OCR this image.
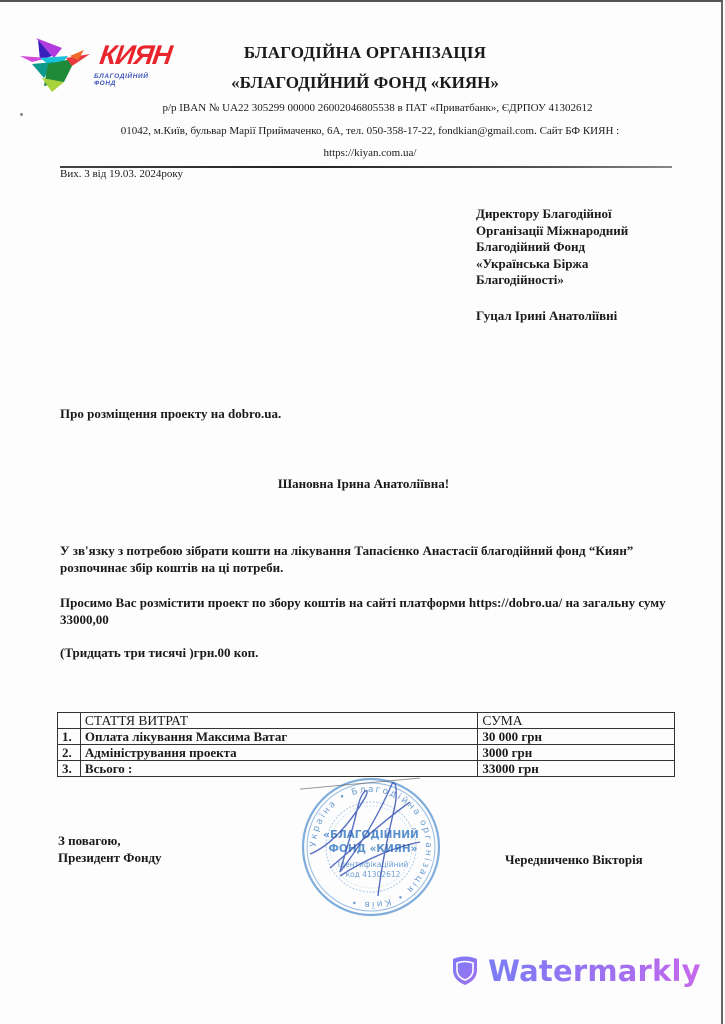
КИЯН
БЛАГОДІЙНИЙ ФОНД
БЛАГОДІЙНА ОРГАНІЗАЦІЯ
«БЛАГОДІЙНИЙ ФОНД «КИЯН»
р/р IBAN № UA22 305299 00000 26002046805538 в ПАТ «Приватбанк», ЄДРПОУ 41302612
01042, м.Київ, бульвар Марії Приймаченко, 6А, тел. 050-358-17-22, fondkian@gmail.com. Сайт БФ КИЯН :
https://kiyan.com.ua/
Вих. 3 від 19.03. 2024року
Директору Благодійної
Організації Міжнародний
Благодійний Фонд
«Українська Біржа
Благодійності»
Гуцал Ірині Анатоліївні
Про розміщення проекту на dobro.ua.
Шановна Ірина Анатоліївна!
У зв'язку з потребою зібрати кошти на лікування Тапасієнко Анастасії благодійний фонд “Киян” розпочинає збір коштів на ці потреби.
Просимо Вас розмістити проект по збору коштів на сайті платформи https://dobro.ua/ на загальну суму 33000,00
(Тридцать три тисячі )грн.00 коп.
	СТАТТЯ ВИТРАТ	СУМА
1.	Оплата лікування Максима Ватаг	30 000 грн
2.	Адміністрування проекта	3000 грн
3.	Всього :	33000 грн
З повагою,
Президент Фонду	Чередниченко Вікторія
Україна • Благодійна організація • Київ •
«БЛАГОДІЙНИЙ
ФОНД «КИЯН»
Ідентифікаційний
код 41302612
Watermarkly
